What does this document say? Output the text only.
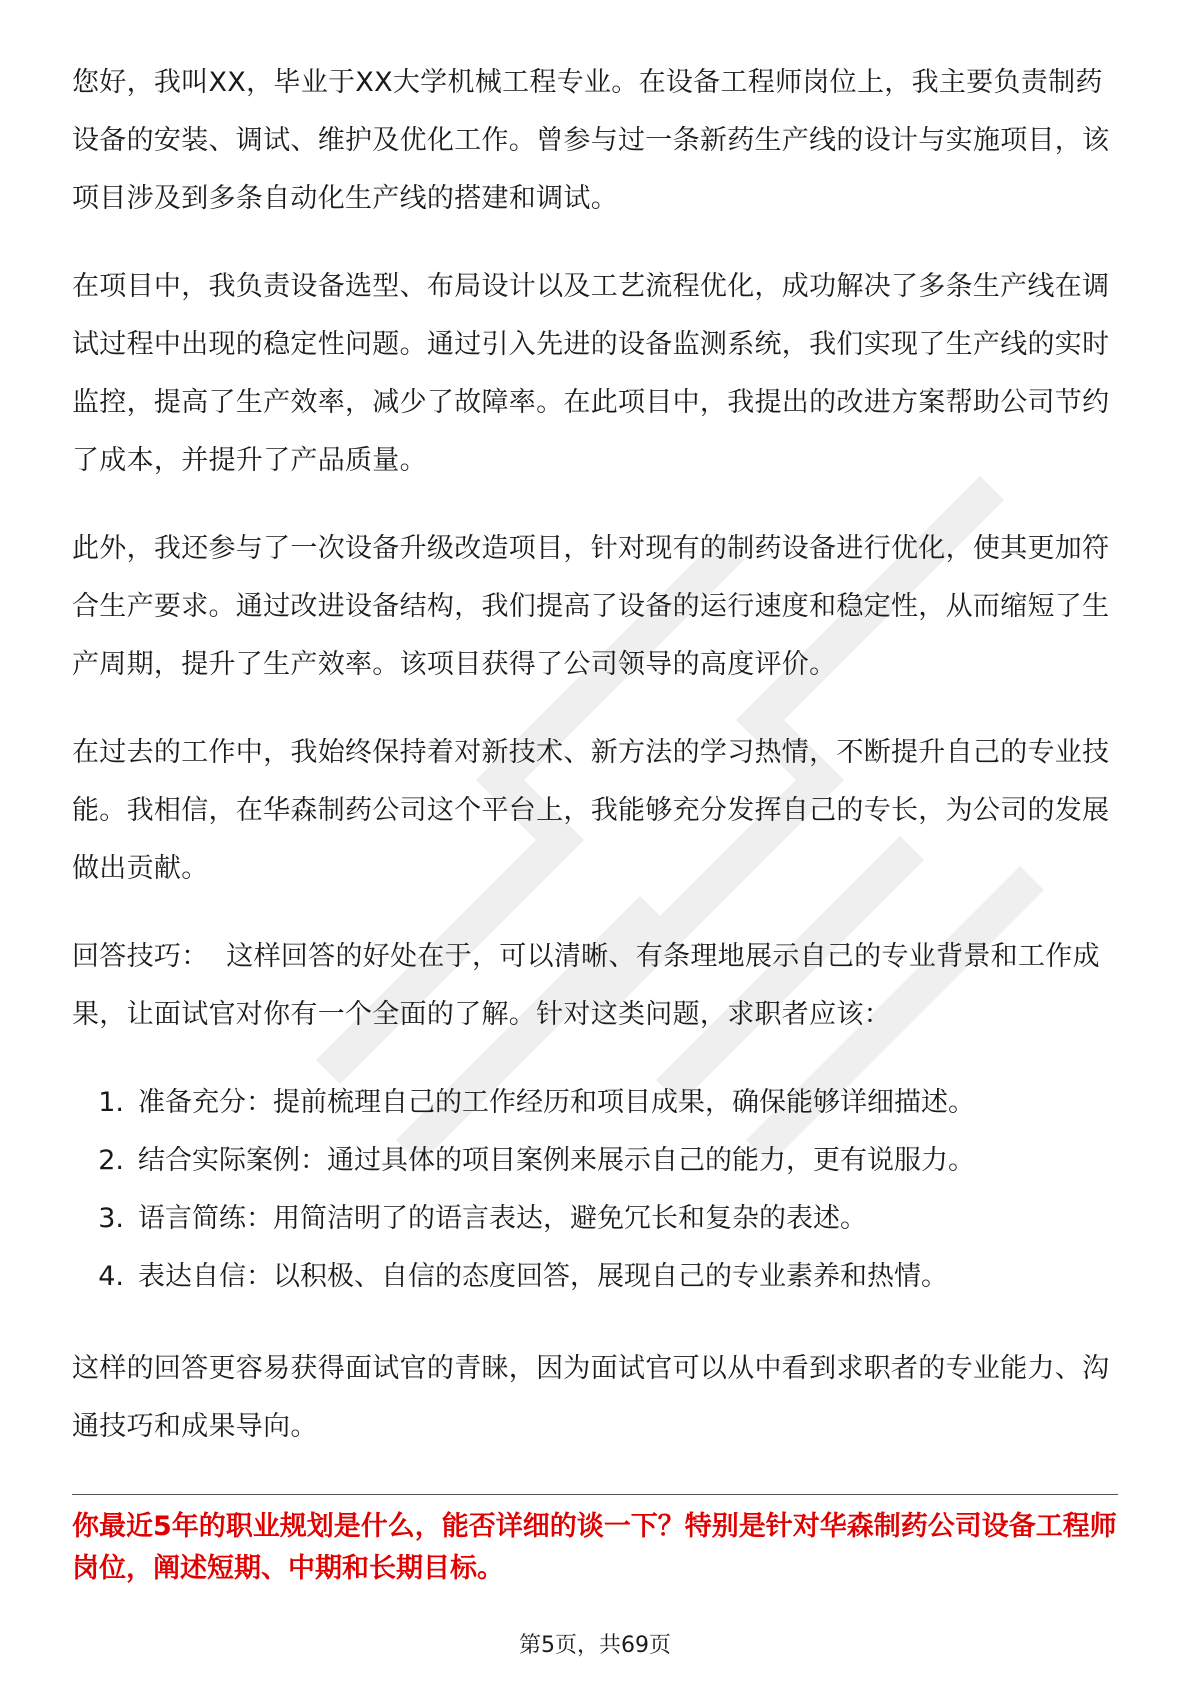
您好，我叫XX，毕业于XX大学机械工程专业。在设备工程师岗位上，我主要负责制药设备的安装、调试、维护及优化工作。曾参与过一条新药生产线的设计与实施项目，该项目涉及到多条自动化生产线的搭建和调试。

在项目中，我负责设备选型、布局设计以及工艺流程优化，成功解决了多条生产线在调试过程中出现的稳定性问题。通过引入先进的设备监测系统，我们实现了生产线的实时监控，提高了生产效率，减少了故障率。在此项目中，我提出的改进方案帮助公司节约了成本，并提升了产品质量。

此外，我还参与了一次设备升级改造项目，针对现有的制药设备进行优化，使其更加符合生产要求。通过改进设备结构，我们提高了设备的运行速度和稳定性，从而缩短了生产周期，提升了生产效率。该项目获得了公司领导的高度评价。

在过去的工作中，我始终保持着对新技术、新方法的学习热情，不断提升自己的专业技能。我相信，在华森制药公司这个平台上，我能够充分发挥自己的专长，为公司的发展做出贡献。

回答技巧： 这样回答的好处在于，可以清晰、有条理地展示自己的专业背景和工作成果，让面试官对你有一个全面的了解。针对这类问题，求职者应该：

1. 准备充分：提前梳理自己的工作经历和项目成果，确保能够详细描述。
2. 结合实际案例：通过具体的项目案例来展示自己的能力，更有说服力。
3. 语言简练：用简洁明了的语言表达，避免冗长和复杂的表述。
4. 表达自信：以积极、自信的态度回答，展现自己的专业素养和热情。

这样的回答更容易获得面试官的青睐，因为面试官可以从中看到求职者的专业能力、沟通技巧和成果导向。

你最近5年的职业规划是什么，能否详细的谈一下？特别是针对华森制药公司设备工程师岗位，阐述短期、中期和长期目标。

第5页，共69页
